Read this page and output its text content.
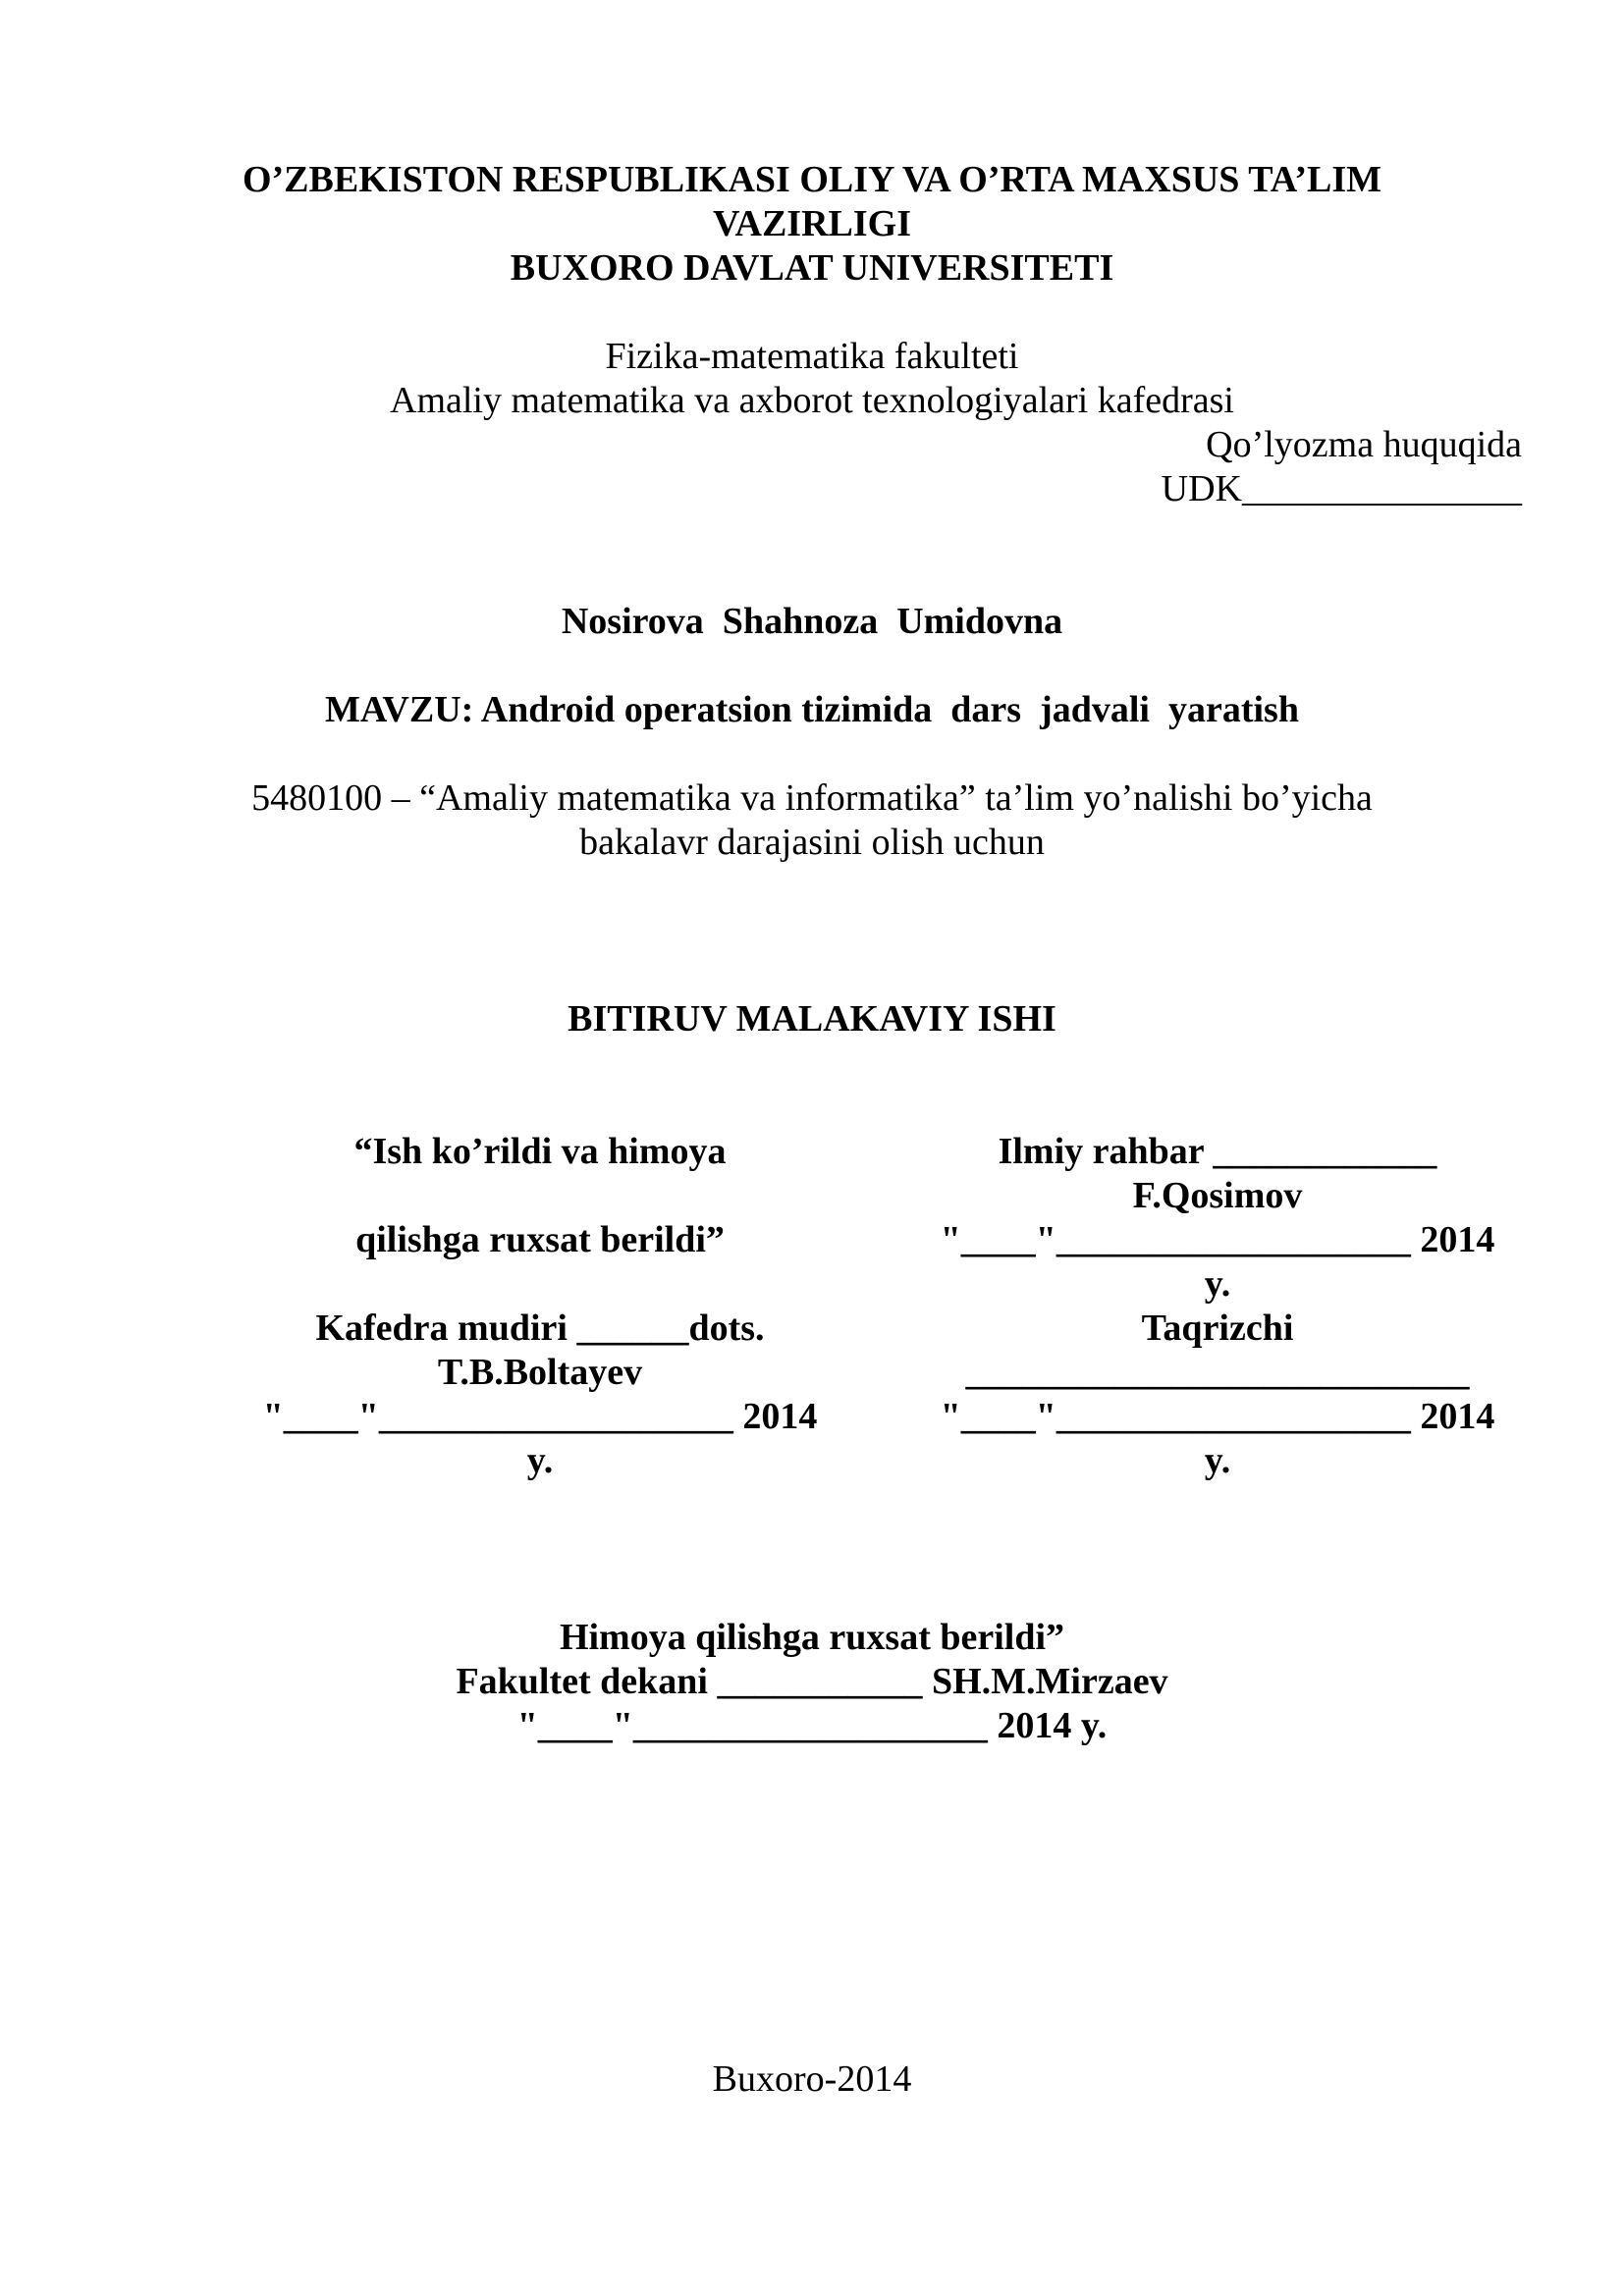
O’ZBEKISTON RESPUBLIKASI OLIY VA O’RTA MAXSUS TA’LIM
VAZIRLIGI
BUXORO DAVLAT UNIVERSITETI
Fizika-matematika fakulteti
Amaliy matematika va axborot texnologiyalari kafedrasi
Qo’lyozma huquqida
UDK_______________
Nosirova  Shahnoza  Umidovna
MAVZU: Android operatsion tizimida  dars  jadvali  yaratish
5480100 – “Amaliy matematika va informatika” ta’lim yo’nalishi bo’yicha
bakalavr darajasini olish uchun
BITIRUV MALAKAVIY ISHI
“Ish ko’rildi va himoya
qilishga ruxsat berildi”
Kafedra mudiri ______dots.
T.B.Boltayev
"____"___________________ 2014
y.
Ilmiy rahbar ____________
F.Qosimov
"____"___________________ 2014
y.
Taqrizchi
___________________________
"____"___________________ 2014
y.
Himoya qilishga ruxsat berildi”
Fakultet dekani ___________ SH.M.Mirzaev
"____"___________________ 2014 y.
Buxoro-2014
